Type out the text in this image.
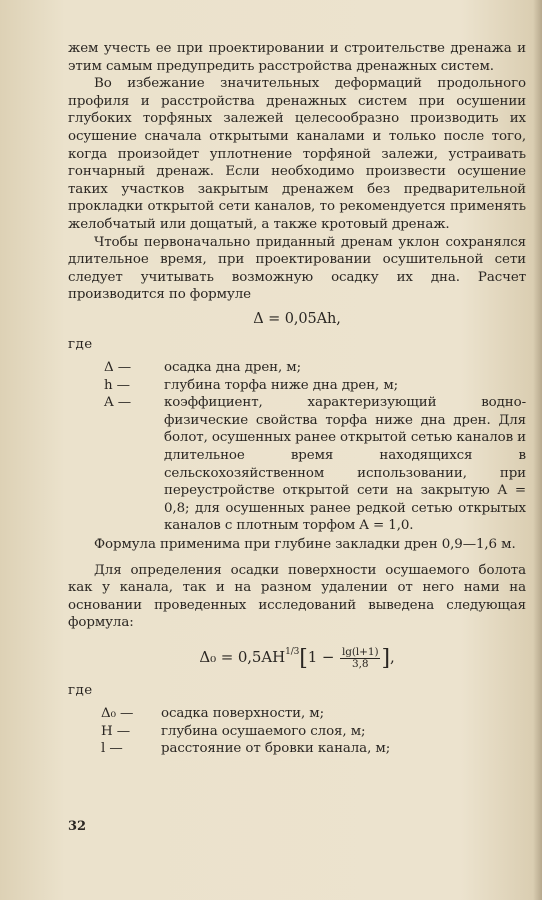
жем учесть ее при проектировании и строительстве дренажа и этим самым предупредить расстройства дренажных систем.

Во избежание значительных деформаций продольного профиля и расстройства дренажных систем при осушении глубоких торфяных залежей целесообразно производить их осушение сначала открытыми каналами и только после того, когда произойдет уплотнение торфяной залежи, устраивать гончарный дренаж. Если необходимо произвести осушение таких участков закрытым дренажем без предварительной прокладки открытой сети каналов, то рекомендуется применять желобчатый или дощатый, а также кротовый дренаж.

Чтобы первоначально приданный дренам уклон сохранялся длительное время, при проектировании осушительной сети следует учитывать возможную осадку их дна. Расчет производится по формуле

Δ = 0,05Ah,
где
Δ —	осадка дна дрен, м;
h —	глубина торфа ниже дна дрен, м;
A —	коэффициент, характеризующий водно-физические свойства торфа ниже дна дрен. Для болот, осушенных ранее открытой сетью каналов и длительное время находящихся в сельскохозяйственном использовании, при переустройстве открытой сети на закрытую A = 0,8; для осушенных ранее редкой сетью открытых каналов с плотным торфом A = 1,0.

Формула применима при глубине закладки дрен 0,9—1,6 м.

Для определения осадки поверхности осушаемого болота как у канала, так и на разном удалении от него нами на основании проведенных исследований выведена следующая формула:

$\Delta_0 = 0,5AH^{1/3}[1 - \frac{\lg(l+1)}{3,8}$ ],
где
Δ₀ —	осадка поверхности, м;
H —	глубина осушаемого слоя, м;
l —	расстояние от бровки канала, м;
32
